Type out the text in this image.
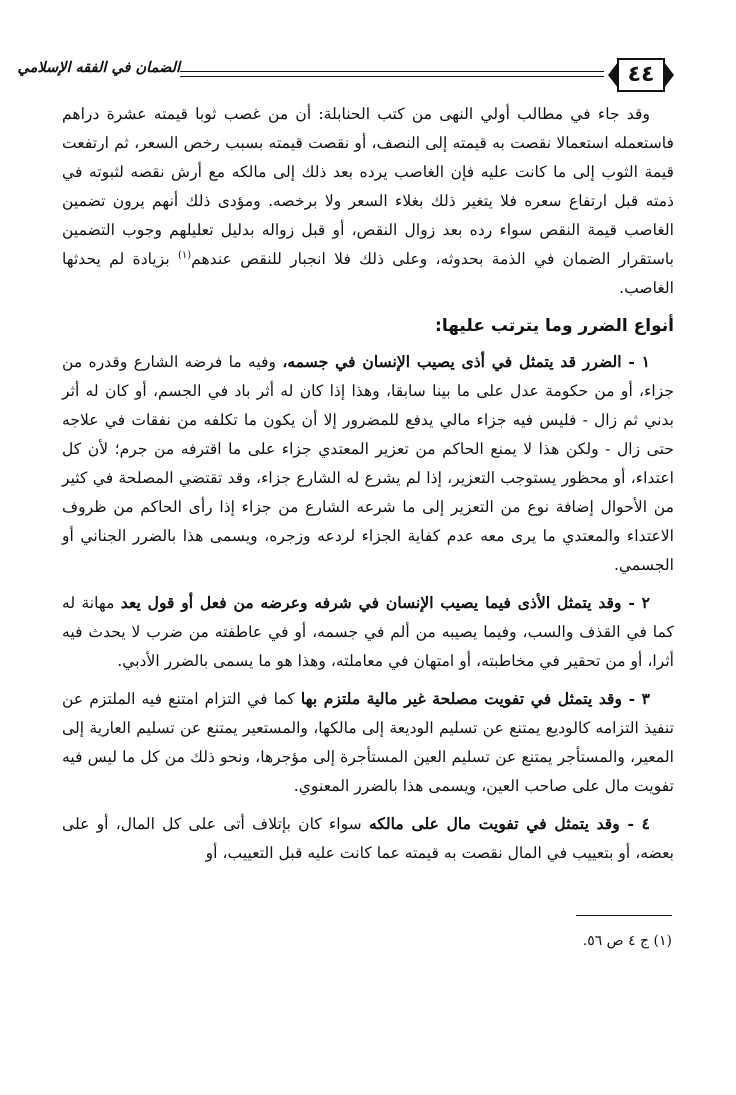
٤٤
الضمان في الفقه الإسلامي

وقد جاء في مطالب أولي النهى من كتب الحنابلة: أن من غصب ثوبا قيمته عشرة دراهم فاستعمله استعمالا نقصت به قيمته إلى النصف، أو نقصت قيمته بسبب رخص السعر، ثم ارتفعت قيمة الثوب إلى ما كانت عليه فإن الغاصب يرده بعد ذلك إلى مالكه مع أرش نقصه لثبوته في ذمته قبل ارتفاع سعره فلا يتغير ذلك بغلاء السعر ولا برخصه. ومؤدى ذلك أنهم يرون تضمين الغاصب قيمة النقص سواء رده بعد زوال النقص، أو قبل زواله بدليل تعليلهم وجوب التضمين باستقرار الضمان في الذمة بحدوثه، وعلى ذلك فلا انجبار للنقص عندهم$^{(١)}$ بزيادة لم يحدثها الغاصب.

أنواع الضرر وما يترتب عليها:

١ - الضرر قد يتمثل في أذى يصيب الإنسان في جسمه، وفيه ما فرضه الشارع وقدره من جزاء، أو من حكومة عدل على ما بينا سابقا، وهذا إذا كان له أثر باد في الجسم، أو كان له أثر بدني ثم زال - فليس فيه جزاء مالي يدفع للمضرور إلا أن يكون ما تكلفه من نفقات في علاجه حتى زال - ولكن هذا لا يمنع الحاكم من تعزير المعتدي جزاء على ما اقترفه من جرم؛ لأن كل اعتداء، أو محظور يستوجب التعزير، إذا لم يشرع له الشارع جزاء، وقد تقتضي المصلحة في كثير من الأحوال إضافة نوع من التعزير إلى ما شرعه الشارع من جزاء إذا رأى الحاكم من ظروف الاعتداء والمعتدي ما يرى معه عدم كفاية الجزاء لردعه وزجره، ويسمى هذا بالضرر الجناني أو الجسمي.

٢ - وقد يتمثل الأذى فيما يصيب الإنسان في شرفه وعرضه من فعل أو قول يعد مهانة له كما في القذف والسب، وفيما يصيبه من ألم في جسمه، أو في عاطفته من ضرب لا يحدث فيه أثرا، أو من تحقير في مخاطبته، أو امتهان في معاملته، وهذا هو ما يسمى بالضرر الأدبي.

٣ - وقد يتمثل في تفويت مصلحة غير مالية ملتزم بها كما في التزام امتنع فيه الملتزم عن تنفيذ التزامه كالوديع يمتنع عن تسليم الوديعة إلى مالكها، والمستعير يمتنع عن تسليم العارية إلى المعير، والمستأجر يمتنع عن تسليم العين المستأجرة إلى مؤجرها، ونحو ذلك من كل ما ليس فيه تفويت مال على صاحب العين، ويسمى هذا بالضرر المعنوي.

٤ - وقد يتمثل في تفويت مال على مالكه سواء كان بإتلاف أتى على كل المال، أو على بعضه، أو بتعييب في المال نقصت به قيمته عما كانت عليه قبل التعييب، أو

(١) ج ٤ ص ٥٦.
